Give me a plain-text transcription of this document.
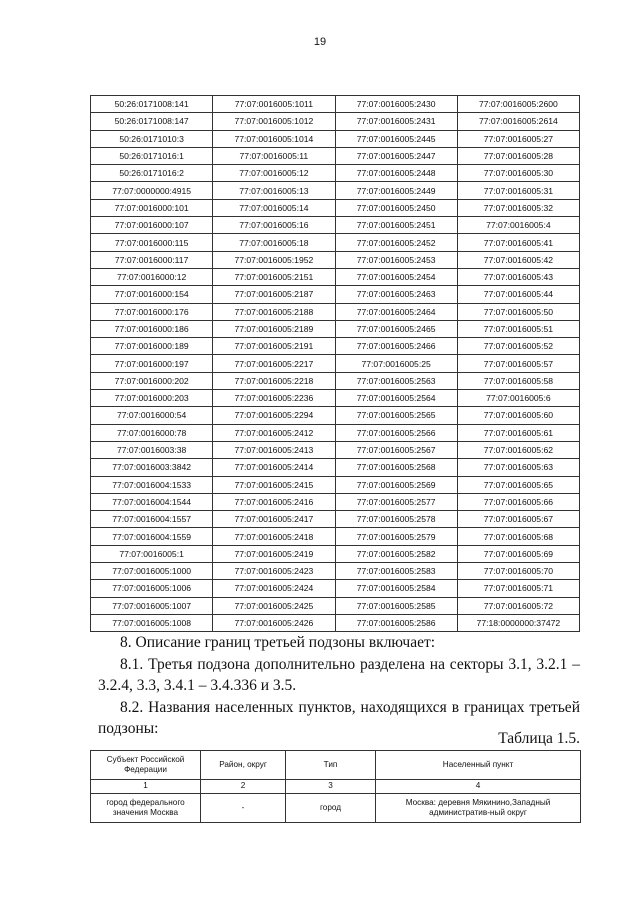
19
50:26:0171008:141	77:07:0016005:1011	77:07:0016005:2430	77:07:0016005:2600
50:26:0171008:147	77:07:0016005:1012	77:07:0016005:2431	77:07:0016005:2614
50:26:0171010:3	77:07:0016005:1014	77:07:0016005:2445	77:07:0016005:27
50:26:0171016:1	77:07:0016005:11	77:07:0016005:2447	77:07:0016005:28
50:26:0171016:2	77:07:0016005:12	77:07:0016005:2448	77:07:0016005:30
77:07:0000000:4915	77:07:0016005:13	77:07:0016005:2449	77:07:0016005:31
77:07:0016000:101	77:07:0016005:14	77:07:0016005:2450	77:07:0016005:32
77:07:0016000:107	77:07:0016005:16	77:07:0016005:2451	77:07:0016005:4
77:07:0016000:115	77:07:0016005:18	77:07:0016005:2452	77:07:0016005:41
77:07:0016000:117	77:07:0016005:1952	77:07:0016005:2453	77:07:0016005:42
77:07:0016000:12	77:07:0016005:2151	77:07:0016005:2454	77:07:0016005:43
77:07:0016000:154	77:07:0016005:2187	77:07:0016005:2463	77:07:0016005:44
77:07:0016000:176	77:07:0016005:2188	77:07:0016005:2464	77:07:0016005:50
77:07:0016000:186	77:07:0016005:2189	77:07:0016005:2465	77:07:0016005:51
77:07:0016000:189	77:07:0016005:2191	77:07:0016005:2466	77:07:0016005:52
77:07:0016000:197	77:07:0016005:2217	77:07:0016005:25	77:07:0016005:57
77:07:0016000:202	77:07:0016005:2218	77:07:0016005:2563	77:07:0016005:58
77:07:0016000:203	77:07:0016005:2236	77:07:0016005:2564	77:07:0016005:6
77:07:0016000:54	77:07:0016005:2294	77:07:0016005:2565	77:07:0016005:60
77:07:0016000:78	77:07:0016005:2412	77:07:0016005:2566	77:07:0016005:61
77:07:0016003:38	77:07:0016005:2413	77:07:0016005:2567	77:07:0016005:62
77:07:0016003:3842	77:07:0016005:2414	77:07:0016005:2568	77:07:0016005:63
77:07:0016004:1533	77:07:0016005:2415	77:07:0016005:2569	77:07:0016005:65
77:07:0016004:1544	77:07:0016005:2416	77:07:0016005:2577	77:07:0016005:66
77:07:0016004:1557	77:07:0016005:2417	77:07:0016005:2578	77:07:0016005:67
77:07:0016004:1559	77:07:0016005:2418	77:07:0016005:2579	77:07:0016005:68
77:07:0016005:1	77:07:0016005:2419	77:07:0016005:2582	77:07:0016005:69
77:07:0016005:1000	77:07:0016005:2423	77:07:0016005:2583	77:07:0016005:70
77:07:0016005:1006	77:07:0016005:2424	77:07:0016005:2584	77:07:0016005:71
77:07:0016005:1007	77:07:0016005:2425	77:07:0016005:2585	77:07:0016005:72
77:07:0016005:1008	77:07:0016005:2426	77:07:0016005:2586	77:18:0000000:37472

8. Описание границ третьей подзоны включает:

8.1. Третья подзона дополнительно разделена на секторы 3.1, 3.2.1 – 3.2.4, 3.3, 3.4.1 – 3.4.336 и 3.5.

8.2. Названия населенных пунктов, находящихся в границах третьей подзоны:

Таблица 1.5.
Субъект Российской Федерации	Район, округ	Тип	Населенный пункт
1	2	3	4
город федерального значения Москва	-	город	Москва: деревня Мякинино,Западный административ-ный округ
